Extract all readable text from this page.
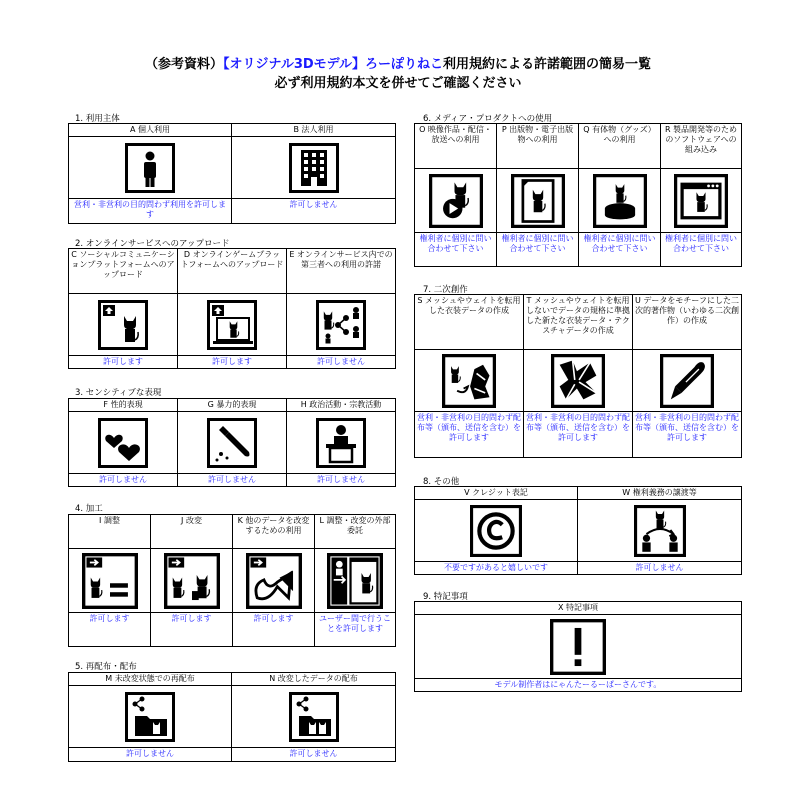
（参考資料）【オリジナル3Dモデル】ろーぽりねこ利用規約による許諾範囲の簡易一覧
必ず利用規約本文を併せてご確認ください
1. 利用主体
A 個人利用	B 法人利用

営利・非営利の目的問わず利用を許可します	許可しません
2. オンラインサービスへのアップロード
C ソーシャルコミュニケーションプラットフォームへのアップロード	D オンラインゲームプラットフォームへのアップロード	E オンラインサービス内での第三者への利用の許諾

許可します	許可します	許可しません
3. センシティブな表現
F 性的表現	G 暴力的表現	H 政治活動・宗教活動

許可しません	許可しません	許可しません
4. 加工
I 調整	J 改変	K 他のデータを改変するための利用	L 調整・改変の外部委託

許可します	許可します	許可します	ユーザー間で行うことを許可します
5. 再配布・配布
M 未改変状態での再配布	N 改変したデータの配布

許可しません	許可しません
6. メディア・プロダクトへの使用
O 映像作品・配信・放送への利用	P 出版物・電子出版物への利用	Q 有体物（グッズ）への利用	R 製品開発等のためのソフトウェアへの組み込み

権利者に個別に問い合わせて下さい	権利者に個別に問い合わせて下さい	権利者に個別に問い合わせて下さい	権利者に個別に問い合わせて下さい
7. 二次創作
S メッシュやウェイトを転用した衣装データの作成	T メッシュやウェイトを転用しないでデータの規格に準拠した新たな衣装データ・テクスチャデータの作成	U データをモチーフにした二次的著作物（いわゆる二次創作）の作成

営利・非営利の目的問わず配布等（頒布、送信を含む）を許可します	営利・非営利の目的問わず配布等（頒布、送信を含む）を許可します	営利・非営利の目的問わず配布等（頒布、送信を含む）を許可します
8. その他
V クレジット表記	W 権利義務の譲渡等

不要ですがあると嬉しいです	許可しません
9. 特記事項
X 特記事項

モデル制作者はにゃんたーるーぱーさんです。
